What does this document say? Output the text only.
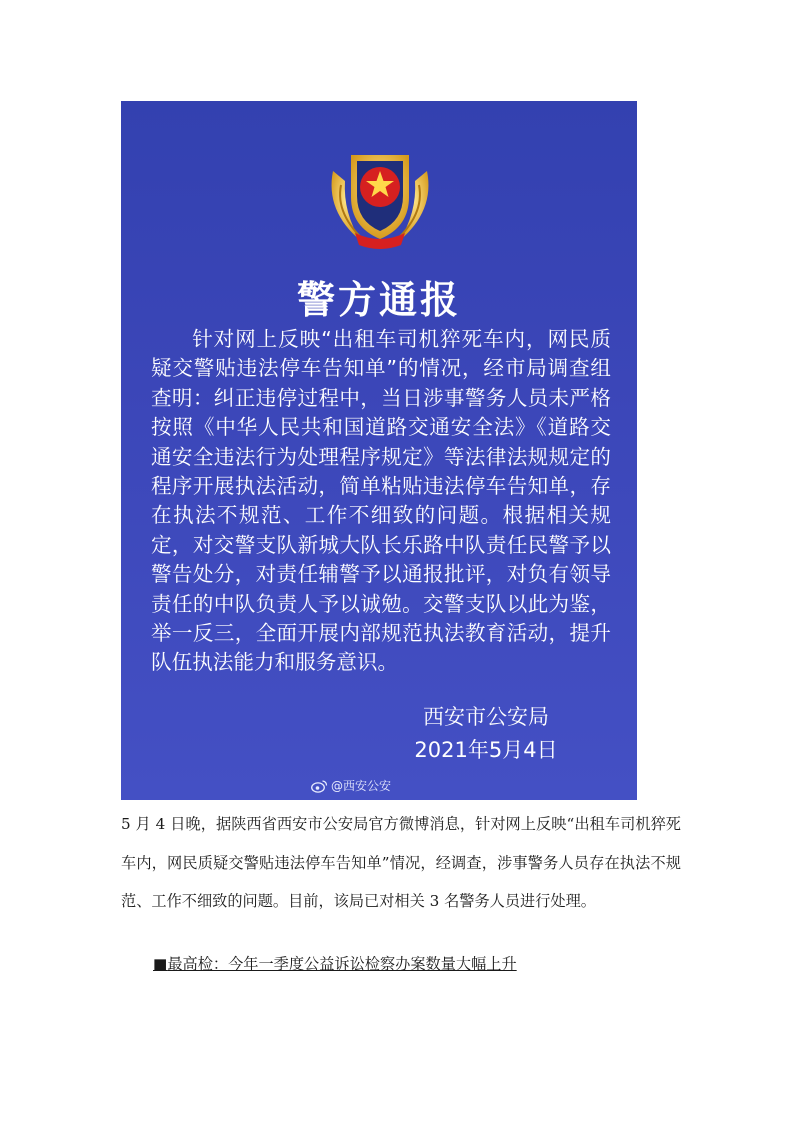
警方通报

针对网上反映“出租车司机猝死车内，网民质疑交警贴违法停车告知单”的情况，经市局调查组查明：纠正违停过程中，当日涉事警务人员未严格按照《中华人民共和国道路交通安全法》《道路交通安全违法行为处理程序规定》等法律法规规定的程序开展执法活动，简单粘贴违法停车告知单，存在执法不规范、工作不细致的问题。根据相关规定，对交警支队新城大队长乐路中队责任民警予以警告处分，对责任辅警予以通报批评，对负有领导责任的中队负责人予以诚勉。交警支队以此为鉴，举一反三，全面开展内部规范执法教育活动，提升队伍执法能力和服务意识。

西安市公安局
2021年5月4日
@西安公安

5 月 4 日晚，据陕西省西安市公安局官方微博消息，针对网上反映“出租车司机猝死车内，网民质疑交警贴违法停车告知单”情况，经调查，涉事警务人员存在执法不规范、工作不细致的问题。目前，该局已对相关 3 名警务人员进行处理。

■最高检：今年一季度公益诉讼检察办案数量大幅上升
